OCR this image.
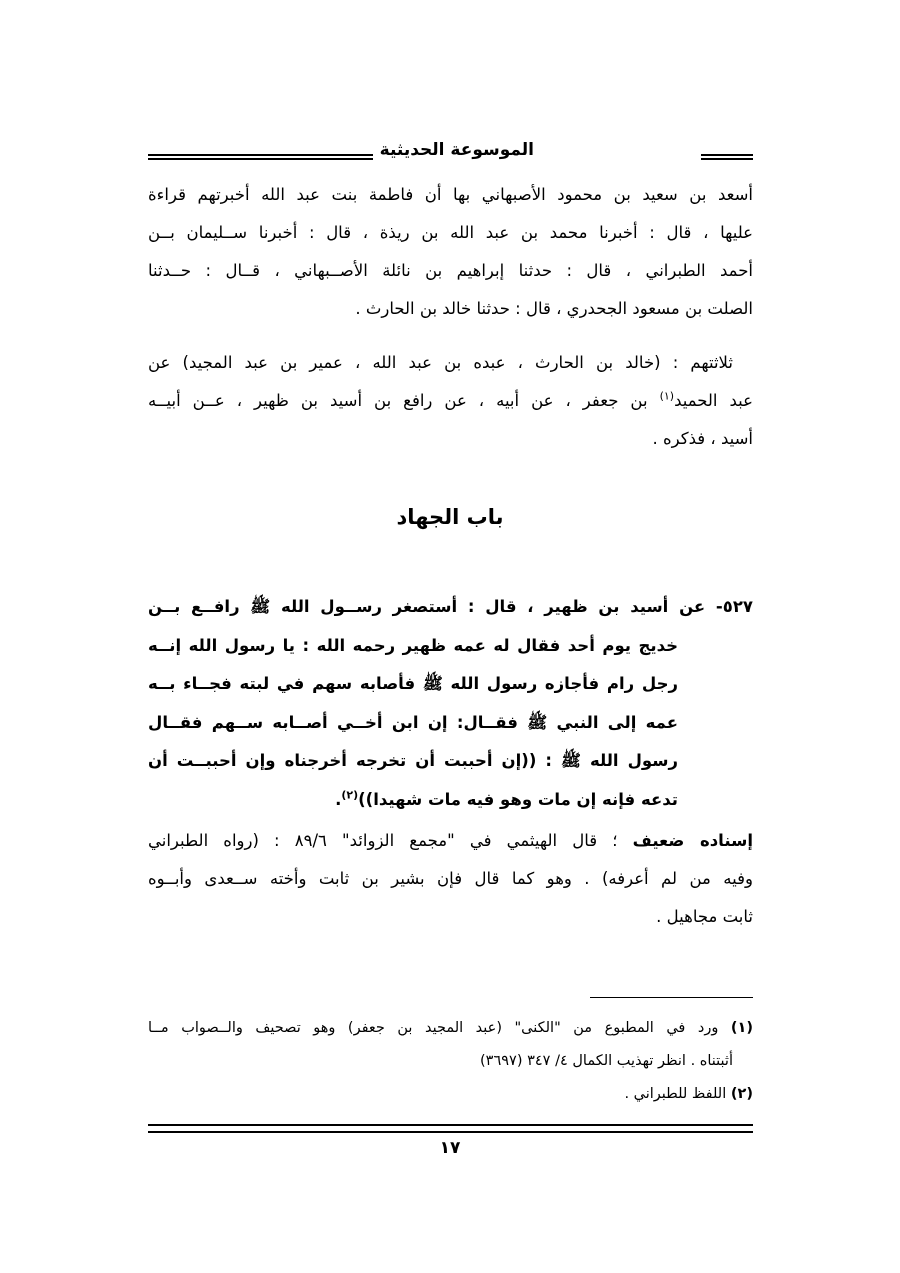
الموسوعة الحديثية
أسعد بن سعيد بن محمود الأصبهاني بها أن فاطمة بنت عبد الله أخبرتهم قراءة
عليها ، قال : أخبرنا محمد بن عبد الله بن ريذة ، قال : أخبرنا ســليمان بــن
أحمد الطبراني ، قال : حدثنا إبراهيم بن نائلة الأصــبهاني ، قــال : حــدثنا
الصلت بن مسعود الجحدري ، قال : حدثنا خالد بن الحارث .
ثلاثتهم : (خالد بن الحارث ، عبده بن عبد الله ، عمير بن عبد المجيد) عن
عبد الحميد$^{(١)}$ بن جعفر ، عن أبيه ، عن رافع بن أسيد بن ظهير ، عــن أبيــه
أسيد ، فذكره .
باب الجهاد
٥٢٧- عن أسيد بن ظهير ، قال : أستصغر رســول الله ﷺ رافــع بــن
خديج يوم أحد فقال له عمه ظهير رحمه الله : يا رسول الله إنــه
رجل رام فأجازه رسول الله ﷺ فأصابه سهم في لبته فجــاء بــه
عمه إلى النبي ﷺ فقــال: إن ابن أخــي أصــابه ســهم فقــال
رسول الله ﷺ : ((إن أحببت أن تخرجه أخرجناه وإن أحببــت أن
تدعه فإنه إن مات وهو فيه مات شهيدا))$^{(٢)}$.
إسناده ضعيف ؛ قال الهيثمي في "مجمع الزوائد" ٨٩/٦ : (رواه الطبراني
وفيه من لم أعرفه) . وهو كما قال فإن بشير بن ثابت وأخته ســعدى وأبــوه
ثابت مجاهيل .
(١) ورد في المطبوع من "الكنى" (عبد المجيد بن جعفر) وهو تصحيف والــصواب مــا
أثبتناه . انظر تهذيب الكمال ٤/ ٣٤٧ (٣٦٩٧)
(٢) اللفظ للطبراني .
١٧
